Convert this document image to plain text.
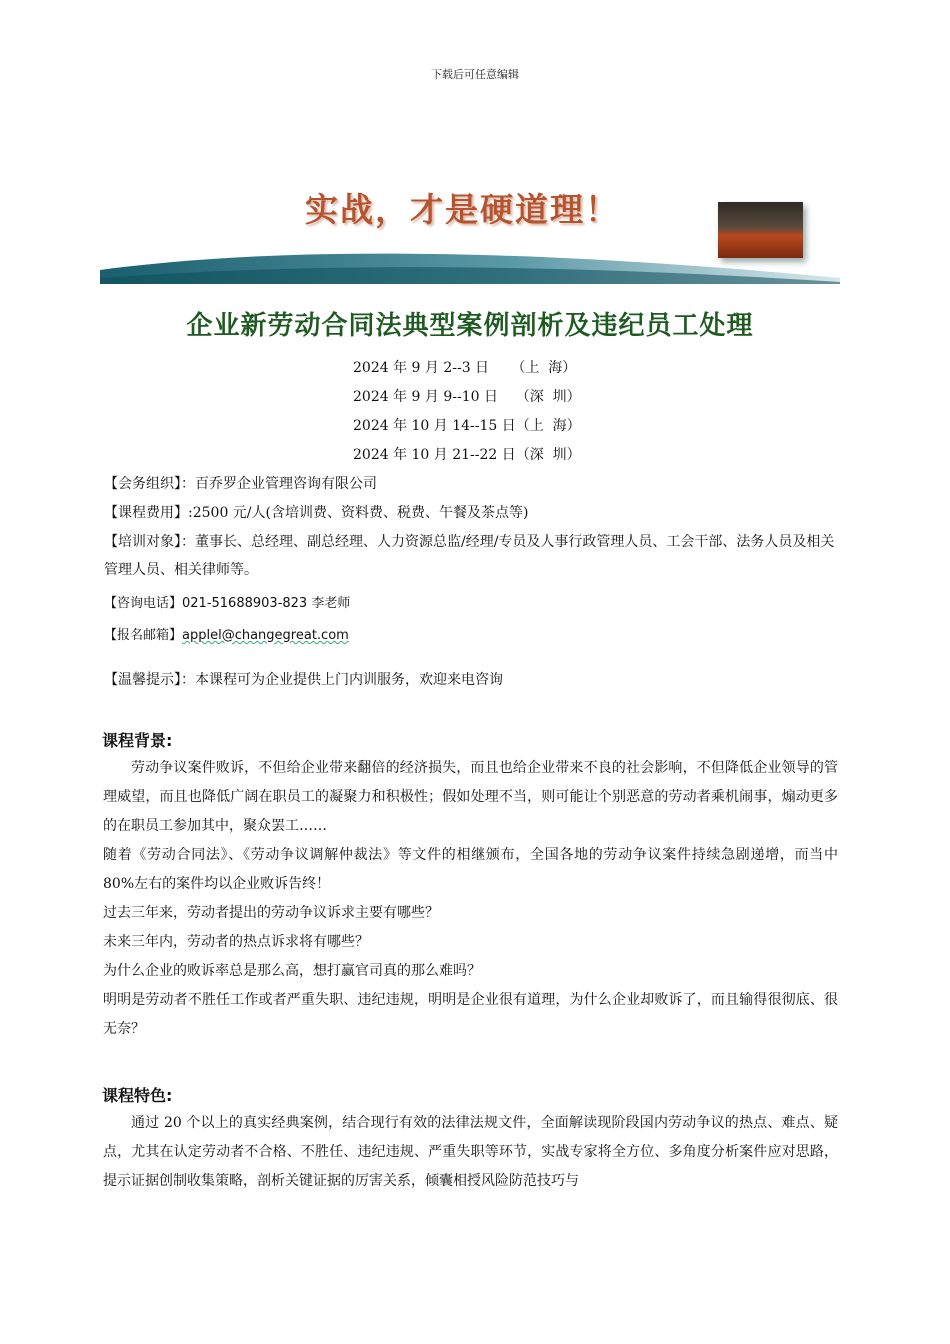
下载后可任意编辑
实战，才是硬道理！
企业新劳动合同法典型案例剖析及违纪员工处理
2024 年 9 月 2--3 日     （上  海）
2024 年 9 月 9--10 日    （深  圳）
2024 年 10 月 14--15 日（上  海）
2024 年 10 月 21--22 日（深  圳）
【会务组织】：百乔罗企业管理咨询有限公司
【课程费用】:2500 元/人(含培训费、资料费、税费、午餐及茶点等)
【培训对象】：董事长、总经理、副总经理、人力资源总监/经理/专员及人事行政管理人员、工会干部、法务人员及相关管理人员、相关律师等。
【咨询电话】021-51688903-823 李老师
【报名邮箱】applel@changegreat.com
【温馨提示】：本课程可为企业提供上门内训服务，欢迎来电咨询
课程背景:

劳动争议案件败诉，不但给企业带来翻倍的经济损失，而且也给企业带来不良的社会影响，不但降低企业领导的管理威望，而且也降低广阔在职员工的凝聚力和积极性；假如处理不当，则可能让个别恶意的劳动者乘机闹事，煽动更多的在职员工参加其中，聚众罢工……

随着《劳动合同法》、《劳动争议调解仲裁法》等文件的相继颁布，全国各地的劳动争议案件持续急剧递增，而当中 80%左右的案件均以企业败诉告终！

过去三年来，劳动者提出的劳动争议诉求主要有哪些？

未来三年内，劳动者的热点诉求将有哪些？

为什么企业的败诉率总是那么高，想打赢官司真的那么难吗？

明明是劳动者不胜任工作或者严重失职、违纪违规，明明是企业很有道理，为什么企业却败诉了，而且输得很彻底、很无奈？

课程特色:

通过 20 个以上的真实经典案例，结合现行有效的法律法规文件，全面解读现阶段国内劳动争议的热点、难点、疑点，尤其在认定劳动者不合格、不胜任、违纪违规、严重失职等环节，实战专家将全方位、多角度分析案件应对思路，提示证据创制收集策略，剖析关键证据的厉害关系，倾囊相授风险防范技巧与
